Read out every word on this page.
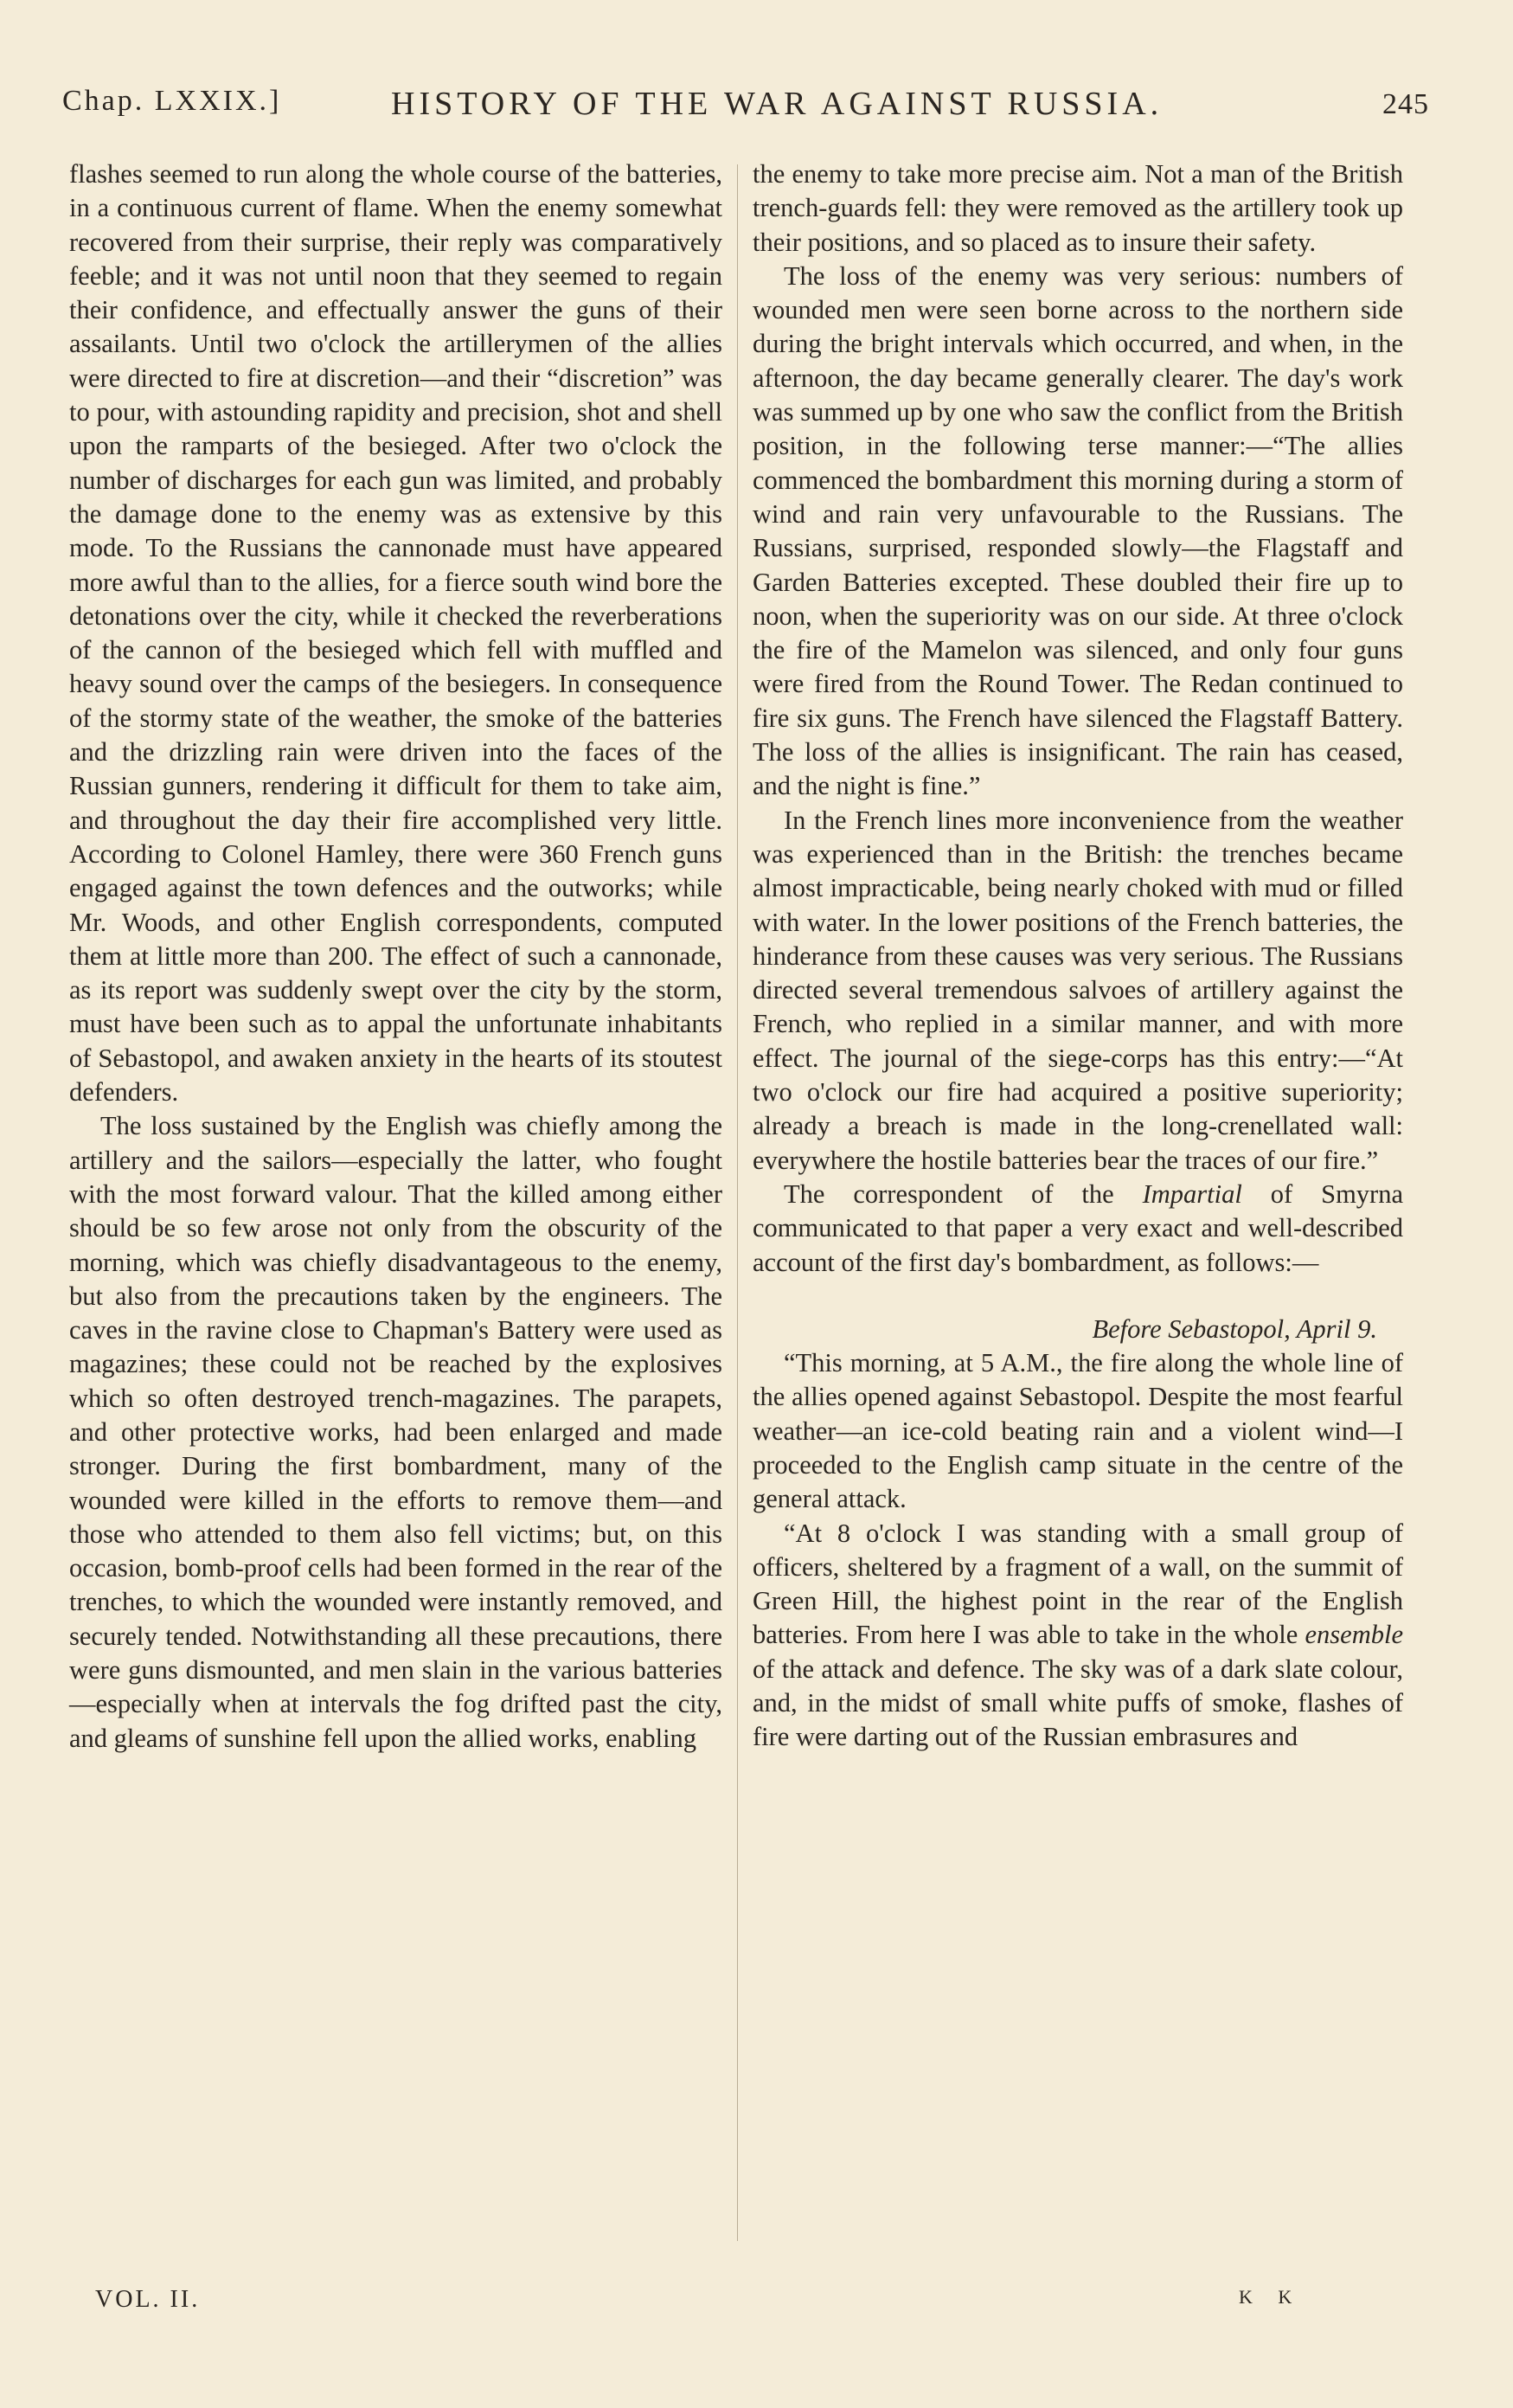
Chap. LXXIX.]	HISTORY OF THE WAR AGAINST RUSSIA.	245

flashes seemed to run along the whole course of the batteries, in a continuous current of flame. When the enemy somewhat recovered from their surprise, their reply was comparatively feeble; and it was not until noon that they seemed to regain their confidence, and effectually answer the guns of their assailants. Until two o'clock the artillerymen of the allies were directed to fire at discretion—and their “discretion” was to pour, with astounding rapidity and precision, shot and shell upon the ramparts of the besieged. After two o'clock the number of discharges for each gun was limited, and probably the damage done to the enemy was as extensive by this mode. To the Russians the cannonade must have appeared more awful than to the allies, for a fierce south wind bore the detonations over the city, while it checked the reverberations of the cannon of the besieged which fell with muffled and heavy sound over the camps of the besiegers. In consequence of the stormy state of the weather, the smoke of the batteries and the drizzling rain were driven into the faces of the Russian gunners, rendering it difficult for them to take aim, and throughout the day their fire accomplished very little. According to Colonel Hamley, there were 360 French guns engaged against the town defences and the outworks; while Mr. Woods, and other English correspondents, computed them at little more than 200. The effect of such a cannonade, as its report was suddenly swept over the city by the storm, must have been such as to appal the unfortunate inhabitants of Sebastopol, and awaken anxiety in the hearts of its stoutest defenders.

The loss sustained by the English was chiefly among the artillery and the sailors—especially the latter, who fought with the most forward valour. That the killed among either should be so few arose not only from the obscurity of the morning, which was chiefly disadvantageous to the enemy, but also from the precautions taken by the engineers. The caves in the ravine close to Chapman's Battery were used as magazines; these could not be reached by the explosives which so often destroyed trench-magazines. The parapets, and other protective works, had been enlarged and made stronger. During the first bombardment, many of the wounded were killed in the efforts to remove them—and those who attended to them also fell victims; but, on this occasion, bomb-proof cells had been formed in the rear of the trenches, to which the wounded were instantly removed, and securely tended. Notwithstanding all these precautions, there were guns dismounted, and men slain in the various batteries—especially when at intervals the fog drifted past the city, and gleams of sunshine fell upon the allied works, enabling

the enemy to take more precise aim. Not a man of the British trench-guards fell: they were removed as the artillery took up their positions, and so placed as to insure their safety.

The loss of the enemy was very serious: numbers of wounded men were seen borne across to the northern side during the bright intervals which occurred, and when, in the afternoon, the day became generally clearer. The day's work was summed up by one who saw the conflict from the British position, in the following terse manner:—“The allies commenced the bombardment this morning during a storm of wind and rain very unfavourable to the Russians. The Russians, surprised, responded slowly—the Flagstaff and Garden Batteries excepted. These doubled their fire up to noon, when the superiority was on our side. At three o'clock the fire of the Mamelon was silenced, and only four guns were fired from the Round Tower. The Redan continued to fire six guns. The French have silenced the Flagstaff Battery. The loss of the allies is insignificant. The rain has ceased, and the night is fine.”

In the French lines more inconvenience from the weather was experienced than in the British: the trenches became almost impracticable, being nearly choked with mud or filled with water. In the lower positions of the French batteries, the hinderance from these causes was very serious. The Russians directed several tremendous salvoes of artillery against the French, who replied in a similar manner, and with more effect. The journal of the siege-corps has this entry:—“At two o'clock our fire had acquired a positive superiority; already a breach is made in the long-crenellated wall: everywhere the hostile batteries bear the traces of our fire.”

The correspondent of the Impartial of Smyrna communicated to that paper a very exact and well-described account of the first day's bombardment, as follows:—

Before Sebastopol, April 9.

“This morning, at 5 A.M., the fire along the whole line of the allies opened against Sebastopol. Despite the most fearful weather—an ice-cold beating rain and a violent wind—I proceeded to the English camp situate in the centre of the general attack.

“At 8 o'clock I was standing with a small group of officers, sheltered by a fragment of a wall, on the summit of Green Hill, the highest point in the rear of the English batteries. From here I was able to take in the whole ensemble of the attack and defence. The sky was of a dark slate colour, and, in the midst of small white puffs of smoke, flashes of fire were darting out of the Russian embrasures and

VOL. II.	K K
